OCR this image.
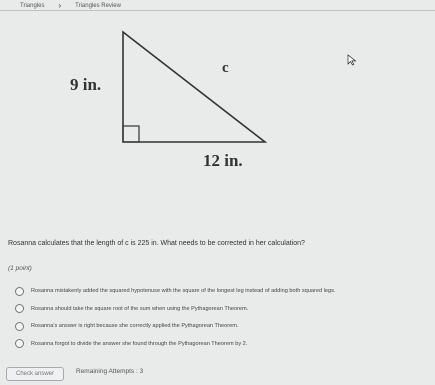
Triangles › Triangles Review
9 in.
c
12 in.
Rosanna calculates that the length of c is 225 in. What needs to be corrected in her calculation?
(1 point)
Rosanna mistakenly added the squared hypotenuse with the square of the longest leg instead of adding both squared legs.
Rosanna should take the square root of the sum when using the Pythagorean Theorem.
Rosanna's answer is right because she correctly applied the Pythagorean Theorem.
Rosanna forgot to divide the answer she found through the Pythagorean Theorem by 2.
Check answer	Remaining Attempts : 3
